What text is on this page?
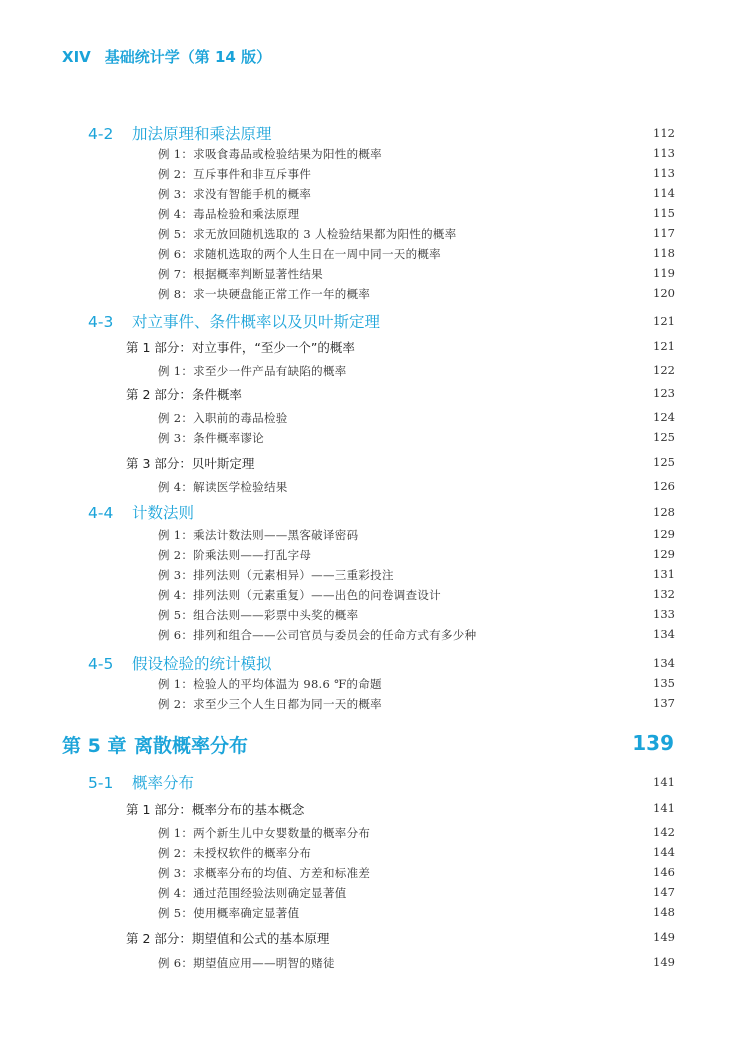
XIV 基础统计学（第 14 版）
4-2 加法原理和乘法原理	112
例 1：求吸食毒品或检验结果为阳性的概率	113
例 2：互斥事件和非互斥事件	113
例 3：求没有智能手机的概率	114
例 4：毒品检验和乘法原理	115
例 5：求无放回随机选取的 3 人检验结果都为阳性的概率	117
例 6：求随机选取的两个人生日在一周中同一天的概率	118
例 7：根据概率判断显著性结果	119
例 8：求一块硬盘能正常工作一年的概率	120
4-3 对立事件、条件概率以及贝叶斯定理	121
第 1 部分：对立事件，“至少一个”的概率	121
例 1：求至少一件产品有缺陷的概率	122
第 2 部分：条件概率	123
例 2：入职前的毒品检验	124
例 3：条件概率谬论	125
第 3 部分：贝叶斯定理	125
例 4：解读医学检验结果	126
4-4 计数法则	128
例 1：乘法计数法则——黑客破译密码	129
例 2：阶乘法则——打乱字母	129
例 3：排列法则（元素相异）——三重彩投注	131
例 4：排列法则（元素重复）——出色的问卷调查设计	132
例 5：组合法则——彩票中头奖的概率	133
例 6：排列和组合——公司官员与委员会的任命方式有多少种	134
4-5 假设检验的统计模拟	134
例 1：检验人的平均体温为 98.6 ℉的命题	135
例 2：求至少三个人生日都为同一天的概率	137
第 5 章 离散概率分布	139
5-1 概率分布	141
第 1 部分：概率分布的基本概念	141
例 1：两个新生儿中女婴数量的概率分布	142
例 2：未授权软件的概率分布	144
例 3：求概率分布的均值、方差和标准差	146
例 4：通过范围经验法则确定显著值	147
例 5：使用概率确定显著值	148
第 2 部分：期望值和公式的基本原理	149
例 6：期望值应用——明智的赌徒	149
